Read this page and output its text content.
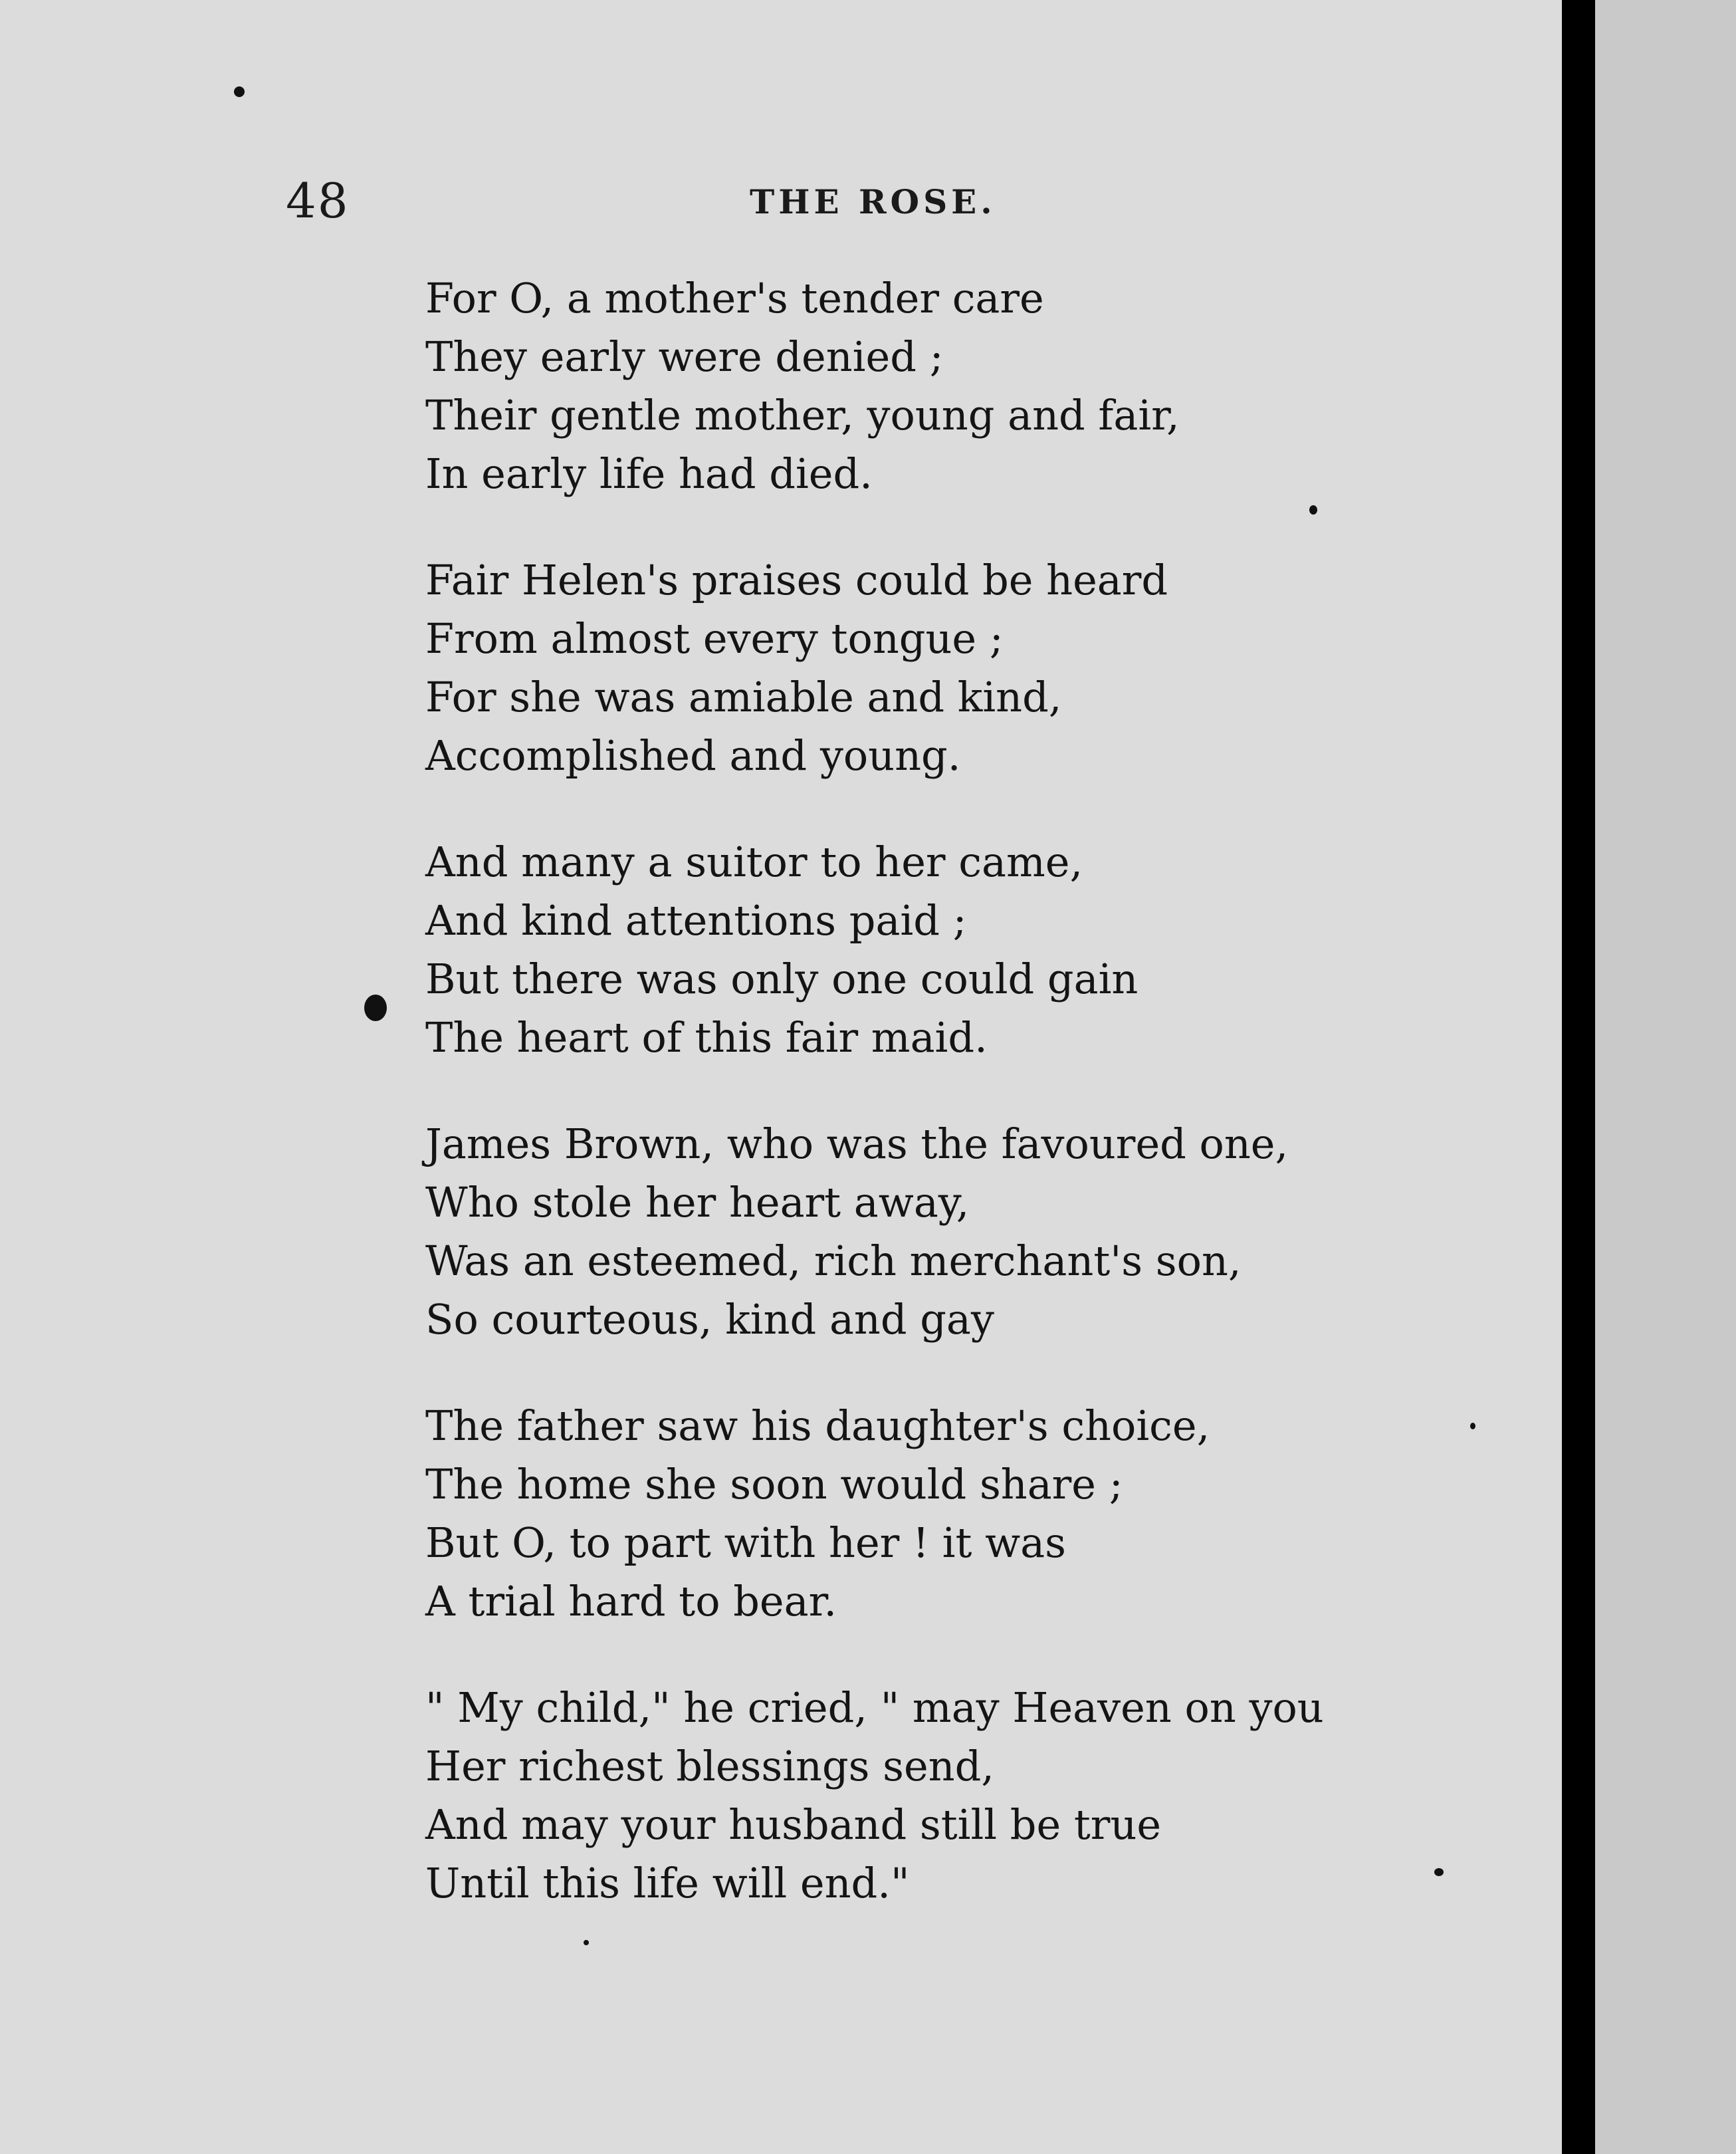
48	THE ROSE.
For O, a mother's tender care
They early were denied ;
Their gentle mother, young and fair,
In early life had died.
Fair Helen's praises could be heard
From almost every tongue ;
For she was amiable and kind,
Accomplished and young.
And many a suitor to her came,
And kind attentions paid ;
But there was only one could gain
The heart of this fair maid.
James Brown, who was the favoured one,
Who stole her heart away,
Was an esteemed, rich merchant's son,
So courteous, kind and gay
The father saw his daughter's choice,
The home she soon would share ;
But O, to part with her ! it was
A trial hard to bear.
" My child," he cried, " may Heaven on you
Her richest blessings send,
And may your husband still be true
Until this life will end."
